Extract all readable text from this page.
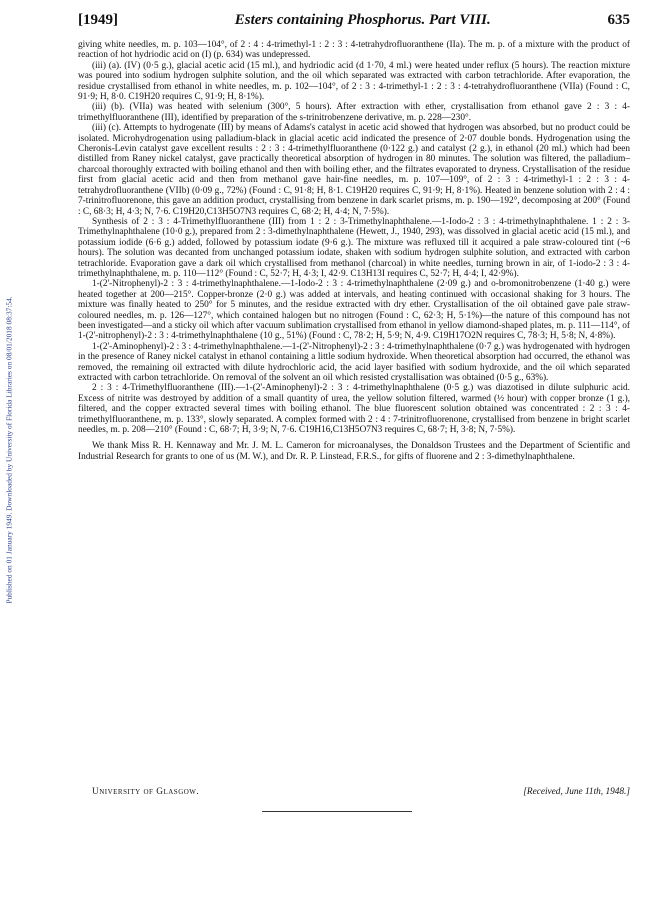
Published on 01 January 1949. Downloaded by University of Florida Libraries on 08/01/2018 08:37:54.
[1949]	Esters containing Phosphorus. Part VIII.	635

giving white needles, m. p. 103—104°, of 2 : 4 : 4-trimethyl-1 : 2 : 3 : 4-tetrahydrofluoranthene (IIa). The m. p. of a mixture with the product of reaction of hot hydriodic acid on (I) (p. 634) was undepressed.

(iii) (a). (IV) (0·5 g.), glacial acetic acid (15 ml.), and hydriodic acid (d 1·70, 4 ml.) were heated under reflux (5 hours). The reaction mixture was poured into sodium hydrogen sulphite solution, and the oil which separated was extracted with carbon tetrachloride. After evaporation, the residue crystallised from ethanol in white needles, m. p. 102—104°, of 2 : 3 : 4-trimethyl-1 : 2 : 3 : 4-tetrahydrofluoranthene (VIIa) (Found : C, 91·9; H, 8·0. C19H20 requires C, 91·9; H, 8·1%).

(iii) (b). (VIIa) was heated with selenium (300°, 5 hours). After extraction with ether, crystallisation from ethanol gave 2 : 3 : 4-trimethylfluoranthene (III), identified by preparation of the s-trinitrobenzene derivative, m. p. 228—230°.

(iii) (c). Attempts to hydrogenate (III) by means of Adams's catalyst in acetic acid showed that hydrogen was absorbed, but no product could be isolated. Microhydrogenation using palladium-black in glacial acetic acid indicated the presence of 2·07 double bonds. Hydrogenation using the Cheronis-Levin catalyst gave excellent results : 2 : 3 : 4-trimethylfluoranthene (0·122 g.) and catalyst (2 g.), in ethanol (20 ml.) which had been distilled from Raney nickel catalyst, gave practically theoretical absorption of hydrogen in 80 minutes. The solution was filtered, the palladium–charcoal thoroughly extracted with boiling ethanol and then with boiling ether, and the filtrates evaporated to dryness. Crystallisation of the residue first from glacial acetic acid and then from methanol gave hair-fine needles, m. p. 107—109°, of 2 : 3 : 4-trimethyl-1 : 2 : 3 : 4-tetrahydrofluoranthene (VIIb) (0·09 g., 72%) (Found : C, 91·8; H, 8·1. C19H20 requires C, 91·9; H, 8·1%). Heated in benzene solution with 2 : 4 : 7-trinitrofluorenone, this gave an addition product, crystallising from benzene in dark scarlet prisms, m. p. 190—192°, decomposing at 200° (Found : C, 68·3; H, 4·3; N, 7·6. C19H20,C13H5O7N3 requires C, 68·2; H, 4·4; N, 7·5%).

Synthesis of 2 : 3 : 4-Trimethylfluoranthene (III) from 1 : 2 : 3-Trimethylnaphthalene.—1-Iodo-2 : 3 : 4-trimethylnaphthalene. 1 : 2 : 3-Trimethylnaphthalene (10·0 g.), prepared from 2 : 3-dimethylnaphthalene (Hewett, J., 1940, 293), was dissolved in glacial acetic acid (15 ml.), and potassium iodide (6·6 g.) added, followed by potassium iodate (9·6 g.). The mixture was refluxed till it acquired a pale straw-coloured tint (~6 hours). The solution was decanted from unchanged potassium iodate, shaken with sodium hydrogen sulphite solution, and extracted with carbon tetrachloride. Evaporation gave a dark oil which crystallised from methanol (charcoal) in white needles, turning brown in air, of 1-iodo-2 : 3 : 4-trimethylnaphthalene, m. p. 110—112° (Found : C, 52·7; H, 4·3; I, 42·9. C13H13I requires C, 52·7; H, 4·4; I, 42·9%).

1-(2'-Nitrophenyl)-2 : 3 : 4-trimethylnaphthalene.—1-Iodo-2 : 3 : 4-trimethylnaphthalene (2·09 g.) and o-bromonitrobenzene (1·40 g.) were heated together at 200—215°. Copper-bronze (2·0 g.) was added at intervals, and heating continued with occasional shaking for 3 hours. The mixture was finally heated to 250° for 5 minutes, and the residue extracted with dry ether. Crystallisation of the oil obtained gave pale straw-coloured needles, m. p. 126—127°, which contained halogen but no nitrogen (Found : C, 62·3; H, 5·1%)—the nature of this compound has not been investigated—and a sticky oil which after vacuum sublimation crystallised from ethanol in yellow diamond-shaped plates, m. p. 111—114°, of 1-(2'-nitrophenyl)-2 : 3 : 4-trimethylnaphthalene (10 g., 51%) (Found : C, 78·2; H, 5·9; N, 4·9. C19H17O2N requires C, 78·3; H, 5·8; N, 4·8%).

1-(2'-Aminophenyl)-2 : 3 : 4-trimethylnaphthalene.—1-(2'-Nitrophenyl)-2 : 3 : 4-trimethylnaphthalene (0·7 g.) was hydrogenated with hydrogen in the presence of Raney nickel catalyst in ethanol containing a little sodium hydroxide. When theoretical absorption had occurred, the ethanol was removed, the remaining oil extracted with dilute hydrochloric acid, the acid layer basified with sodium hydroxide, and the oil which separated extracted with carbon tetrachloride. On removal of the solvent an oil which resisted crystallisation was obtained (0·5 g., 63%).

2 : 3 : 4-Trimethylfluoranthene (III).—1-(2'-Aminophenyl)-2 : 3 : 4-trimethylnaphthalene (0·5 g.) was diazotised in dilute sulphuric acid. Excess of nitrite was destroyed by addition of a small quantity of urea, the yellow solution filtered, warmed (½ hour) with copper bronze (1 g.), filtered, and the copper extracted several times with boiling ethanol. The blue fluorescent solution obtained was concentrated : 2 : 3 : 4-trimethylfluoranthene, m. p. 133°, slowly separated. A complex formed with 2 : 4 : 7-trinitrofluorenone, crystallised from benzene in bright scarlet needles, m. p. 208—210° (Found : C, 68·7; H, 3·9; N, 7·6. C19H16,C13H5O7N3 requires C, 68·7; H, 3·8; N, 7·5%).

We thank Miss R. H. Kennaway and Mr. J. M. L. Cameron for microanalyses, the Donaldson Trustees and the Department of Scientific and Industrial Research for grants to one of us (M. W.), and Dr. R. P. Linstead, F.R.S., for gifts of fluorene and 2 : 3-dimethylnaphthalene.

University of Glasgow.	[Received, June 11th, 1948.]
